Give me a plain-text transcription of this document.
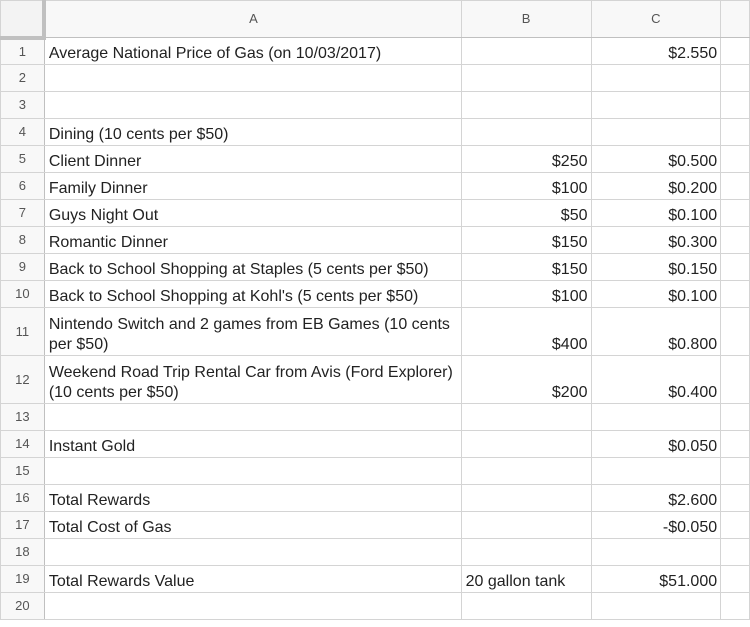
	A	B	C	
1	Average National Price of Gas (on 10/03/2017)		$2.550	
2				
3				
4	Dining (10 cents per $50)			
5	Client Dinner	$250	$0.500	
6	Family Dinner	$100	$0.200	
7	Guys Night Out	$50	$0.100	
8	Romantic Dinner	$150	$0.300	
9	Back to School Shopping at Staples (5 cents per $50)	$150	$0.150	
10	Back to School Shopping at Kohl's (5 cents per $50)	$100	$0.100	
11	Nintendo Switch and 2 games from EB Games (10 cents per $50)	$400	$0.800	
12	Weekend Road Trip Rental Car from Avis (Ford Explorer) (10 cents per $50)	$200	$0.400	
13				
14	Instant Gold		$0.050	
15				
16	Total Rewards		$2.600	
17	Total Cost of Gas		-$0.050	
18				
19	Total Rewards Value	20 gallon tank	$51.000	
20				
